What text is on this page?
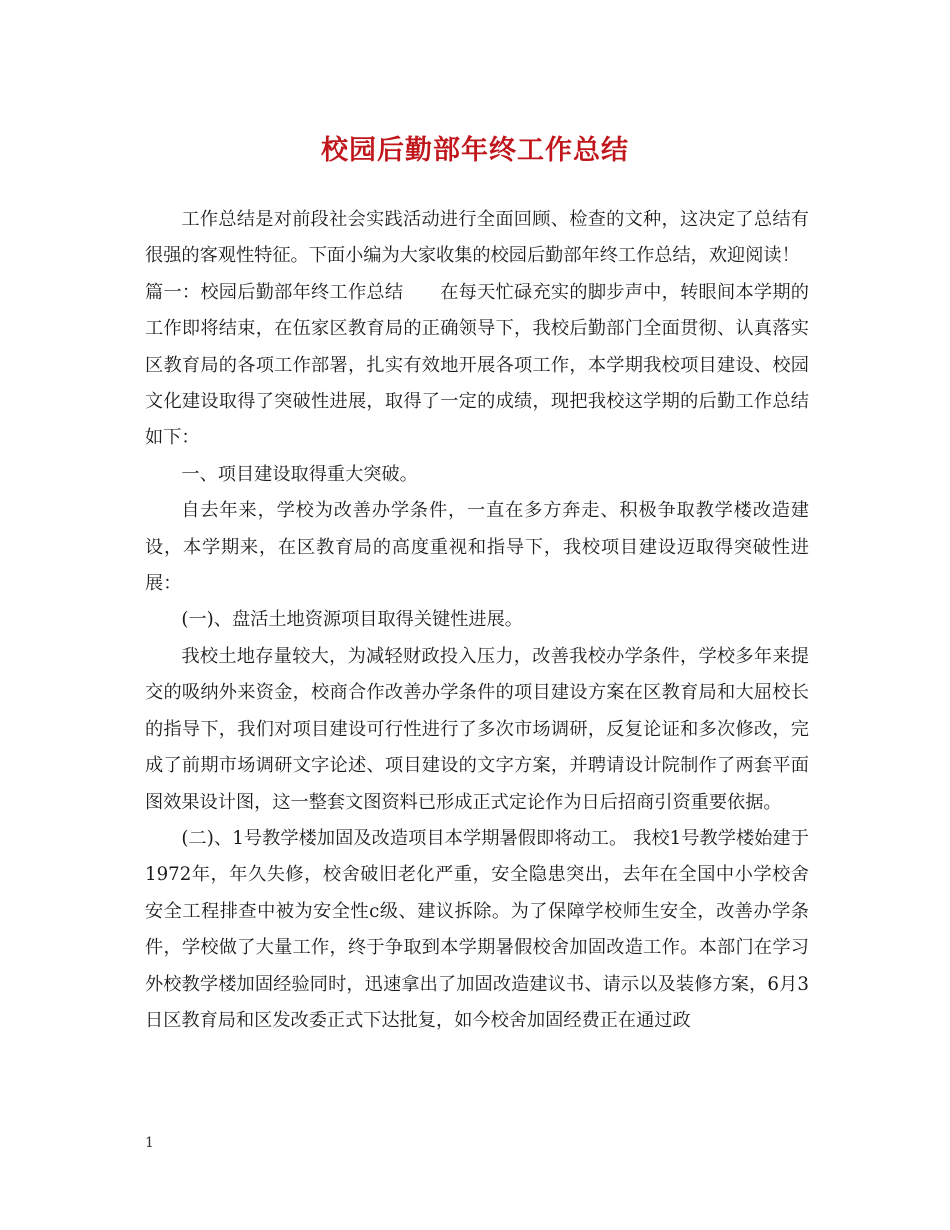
校园后勤部年终工作总结

工作总结是对前段社会实践活动进行全面回顾、检查的文种，这决定了总结有很强的客观性特征。下面小编为大家收集的校园后勤部年终工作总结，欢迎阅读！

篇一：校园后勤部年终工作总结　　在每天忙碌充实的脚步声中，转眼间本学期的工作即将结束，在伍家区教育局的正确领导下，我校后勤部门全面贯彻、认真落实区教育局的各项工作部署，扎实有效地开展各项工作，本学期我校项目建设、校园文化建设取得了突破性进展，取得了一定的成绩，现把我校这学期的后勤工作总结如下：

一、项目建设取得重大突破。

自去年来，学校为改善办学条件，一直在多方奔走、积极争取教学楼改造建设，本学期来，在区教育局的高度重视和指导下，我校项目建设迈取得突破性进展：

(一)、盘活土地资源项目取得关键性进展。

我校土地存量较大，为减轻财政投入压力，改善我校办学条件，学校多年来提交的吸纳外来资金，校商合作改善办学条件的项目建设方案在区教育局和大屈校长的指导下，我们对项目建设可行性进行了多次市场调研，反复论证和多次修改，完成了前期市场调研文字论述、项目建设的文字方案，并聘请设计院制作了两套平面图效果设计图，这一整套文图资料已形成正式定论作为日后招商引资重要依据。

(二)、1号教学楼加固及改造项目本学期暑假即将动工。 我校1号教学楼始建于1972年，年久失修，校舍破旧老化严重，安全隐患突出，去年在全国中小学校舍安全工程排查中被为安全性c级、建议拆除。为了保障学校师生安全，改善办学条件，学校做了大量工作，终于争取到本学期暑假校舍加固改造工作。本部门在学习外校教学楼加固经验同时，迅速拿出了加固改造建议书、请示以及装修方案，6月3日区教育局和区发改委正式下达批复，如今校舍加固经费正在通过政

1
